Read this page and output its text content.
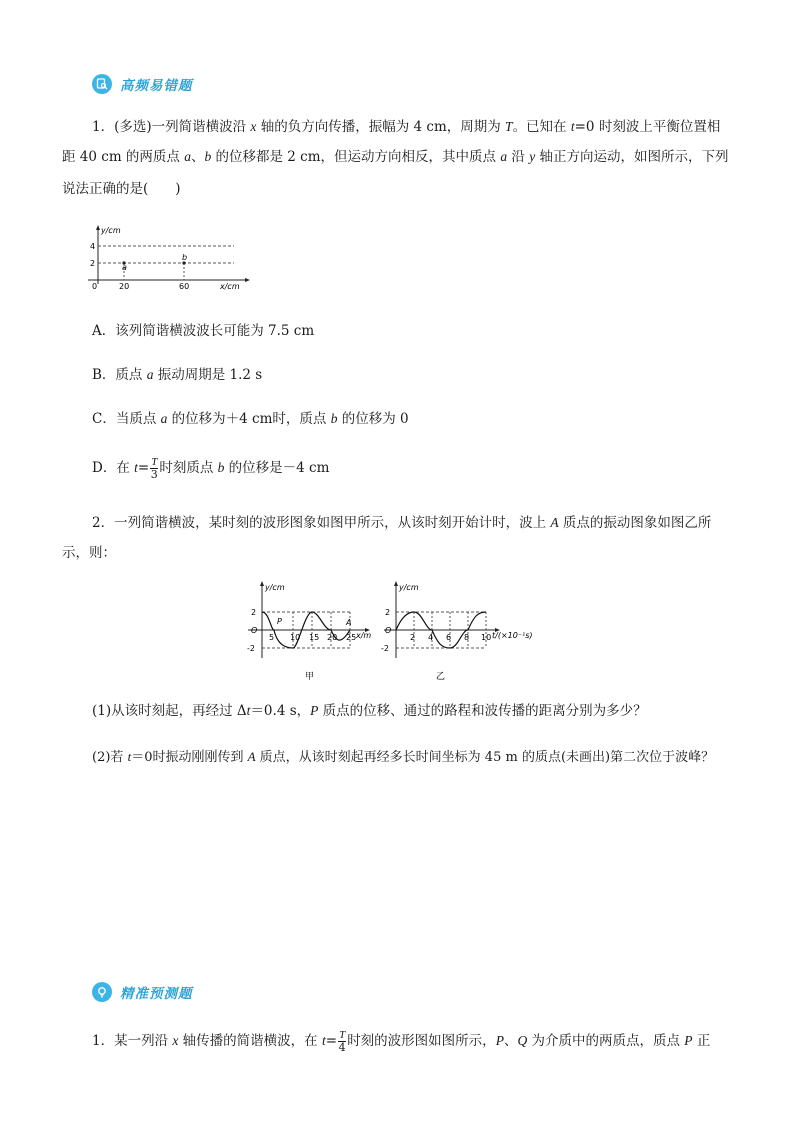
高频易错题
1．(多选)一列简谐横波沿 x 轴的负方向传播，振幅为 4 cm，周期为 T。已知在 t=0 时刻波上平衡位置相
距 40 cm 的两质点 a、b 的位移都是 2 cm，但运动方向相反，其中质点 a 沿 y 轴正方向运动，如图所示，下列
说法正确的是(　　)
y/cm
4
2
0	20	60	x/cm
a
b
A．该列简谐横波波长可能为 7.5 cm
B．质点 a 振动周期是 1.2 s
C．当质点 a 的位移为＋4 cm时，质点 b 的位移为 0
D．在 $t= \frac{T}{3}$ 时刻质点 b 的位移是－4 cm
2．一列简谐横波，某时刻的波形图象如图甲所示，从该时刻开始计时，波上 A 质点的振动图象如图乙所
示，则：
y/cm
2
-2
O
5 10 15 20 25 x/m
P	A
甲
y/cm
2
-2
O
2 4 6 8 10 t/(×10⁻¹s)
乙
(1)从该时刻起，再经过 Δt＝0.4 s，P 质点的位移、通过的路程和波传播的距离分别为多少？
(2)若 t＝0时振动刚刚传到 A 质点，从该时刻起再经多长时间坐标为 45 m 的质点(未画出)第二次位于波峰？
精准预测题
1．某一列沿 x 轴传播的简谐横波，在 $t= \frac{T}{4}$ 时刻的波形图如图所示，P、Q 为介质中的两质点，质点 P 正
